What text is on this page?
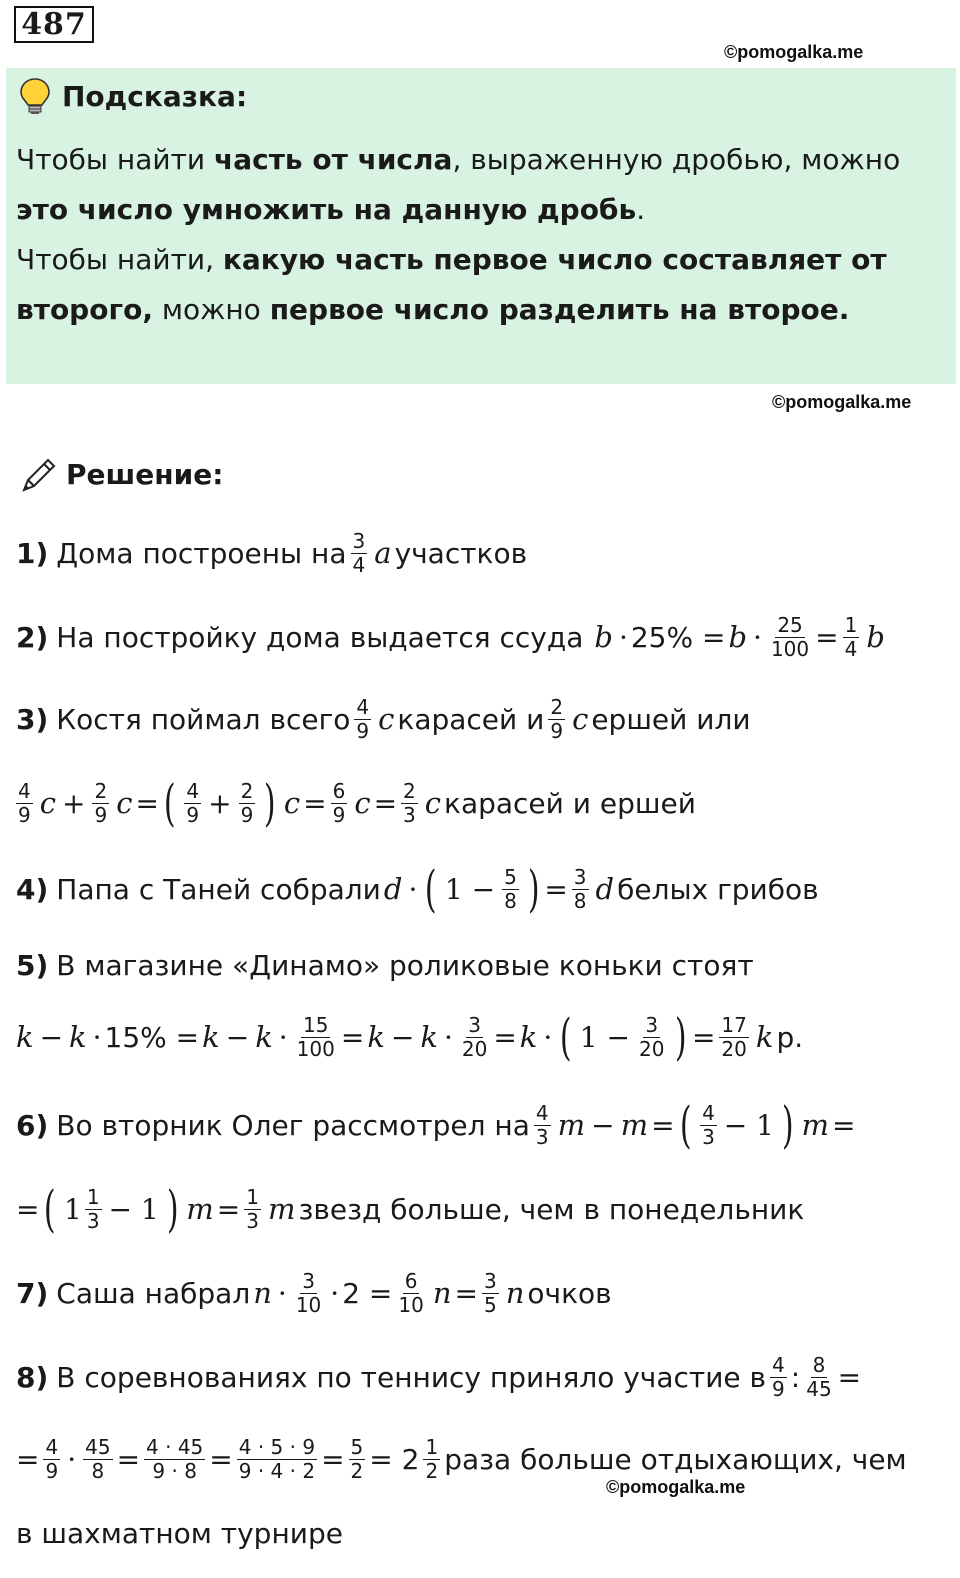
487
©pomogalka.me
Подсказка:
Чтобы найти часть от числа, выраженную дробью, можно
это число умножить на данную дробь.
Чтобы найти, какую часть первое число составляет от
второго, можно первое число разделить на второе.
©pomogalka.me
Решение:
1) Дома построены на $\frac{3}{4}$ a участков
2) На постройку дома выдается ссуда $b \cdot 25\% = b \cdot \frac{25}{100} = \frac{1}{4}$ b
3) Костя поймал всего $\frac{4}{9}$ c карасей и $\frac{2}{9}$ c ершей или
$\frac{4}{9}$ $c + \frac{2}{9}$ c = ( $\frac{4}{9} + \frac{2}{9}$ ) $c = \frac{6}{9}$ $c = \frac{2}{3}$ c карасей и ершей
4) Папа с Таней собрали d · ( $1 - \frac{5}{8}$ ) = $\frac{3}{8}$ d белых грибов
5) В магазине «Динамо» роликовые коньки стоят
$k - k \cdot 15\% = k - k \cdot \frac{15}{100} = k - k \cdot \frac{3}{20} = k$ · ( $1 - \frac{3}{20}$ ) = $\frac{17}{20}$ k р.
6) Во вторник Олег рассмотрел на $\frac{4}{3}$ m − m = ( $\frac{4}{3} - 1$ ) m =
= ( $1 \frac{1}{3} - 1$ ) $m = \frac{1}{3}$ m звезд больше, чем в понедельник
7) Саша набрал $n \cdot \frac{3}{10} \cdot 2 = \frac{6}{10}$ $n = \frac{3}{5}$ n очков
8) В соревнованиях по теннису приняло участие в $\frac{4}{9}$ : $\frac{8}{45}$ =
= $\frac{4}{9} \cdot \frac{45}{8} = \frac{4 \cdot 45}{9 \cdot 8} = \frac{4 \cdot 5 \cdot 9}{9 \cdot 4 \cdot 2} = \frac{5}{2} = 2 \frac{1}{2}$ раза больше отдыхающих, чем
©pomogalka.me
в шахматном турнире
